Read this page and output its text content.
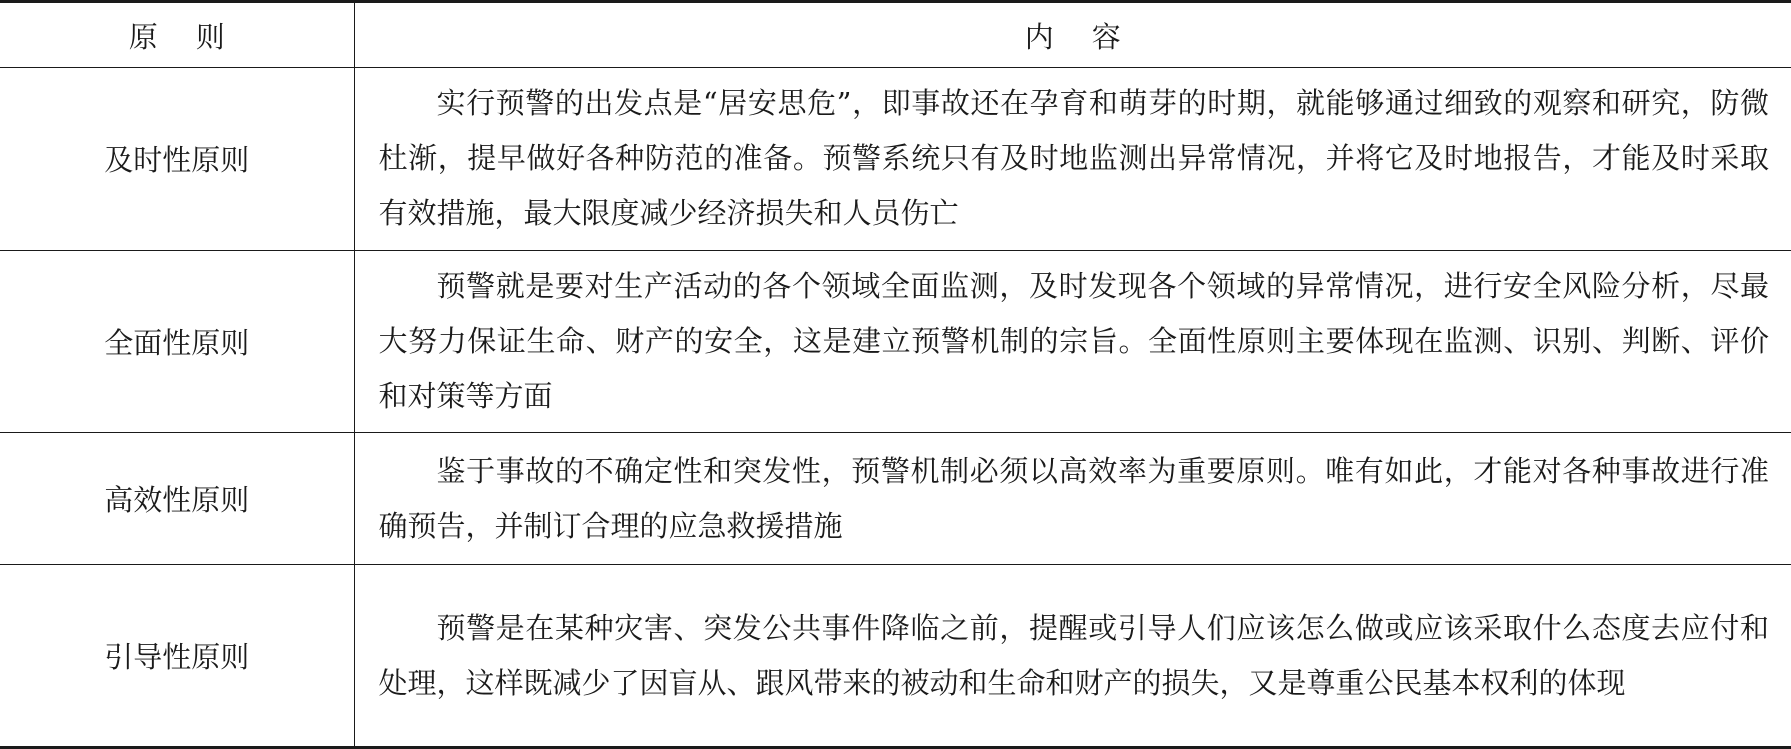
原则	内容
及时性原则	实行预警的出发点是“居安思危”，即事故还在孕育和萌芽的时期，就能够通过细致的观察和研究，防微杜渐，提早做好各种防范的准备。预警系统只有及时地监测出异常情况，并将它及时地报告，才能及时采取有效措施，最大限度减少经济损失和人员伤亡
全面性原则	预警就是要对生产活动的各个领域全面监测，及时发现各个领域的异常情况，进行安全风险分析，尽最大努力保证生命、财产的安全，这是建立预警机制的宗旨。全面性原则主要体现在监测、识别、判断、评价和对策等方面
高效性原则	鉴于事故的不确定性和突发性，预警机制必须以高效率为重要原则。唯有如此，才能对各种事故进行准确预告，并制订合理的应急救援措施
引导性原则	预警是在某种灾害、突发公共事件降临之前，提醒或引导人们应该怎么做或应该采取什么态度去应付和处理，这样既减少了因盲从、跟风带来的被动和生命和财产的损失，又是尊重公民基本权利的体现
